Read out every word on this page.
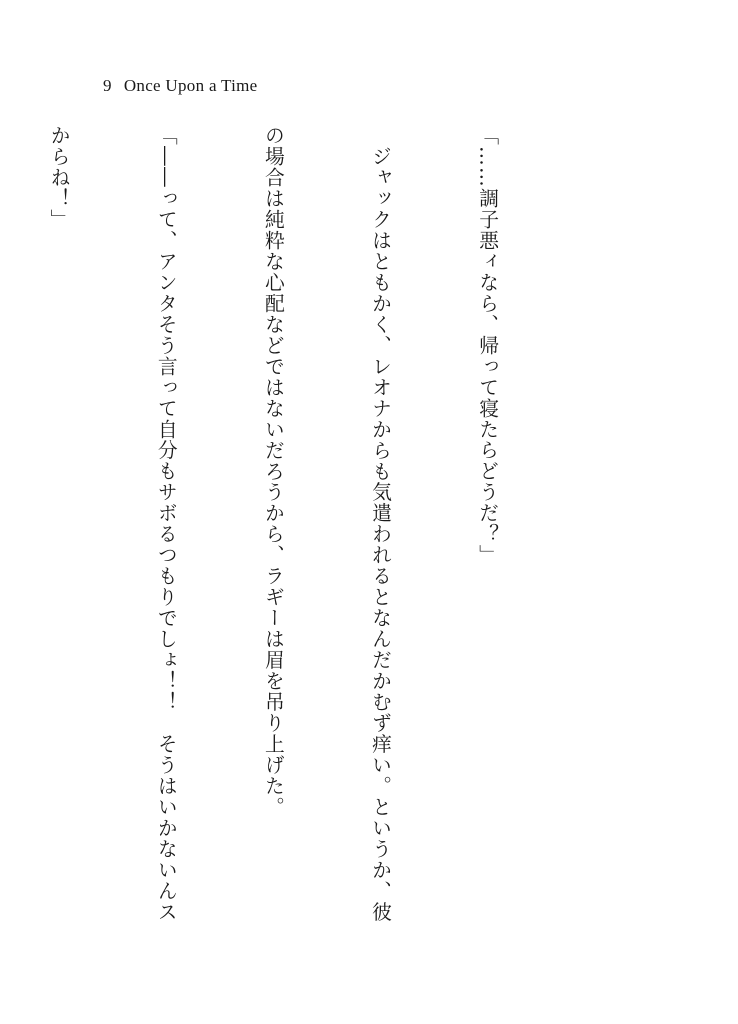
9 Once Upon a Time

「……調子悪ィなら、帰って寝たらどうだ？」

　ジャックはともかく、レオナからも気遣われるとなんだかむず痒い。というか、彼

の場合は純粋な心配などではないだろうから、ラギーは眉を吊り上げた。

「――って、アンタそう言って自分もサボるつもりでしょ！！　そうはいかないんス

からね！」
